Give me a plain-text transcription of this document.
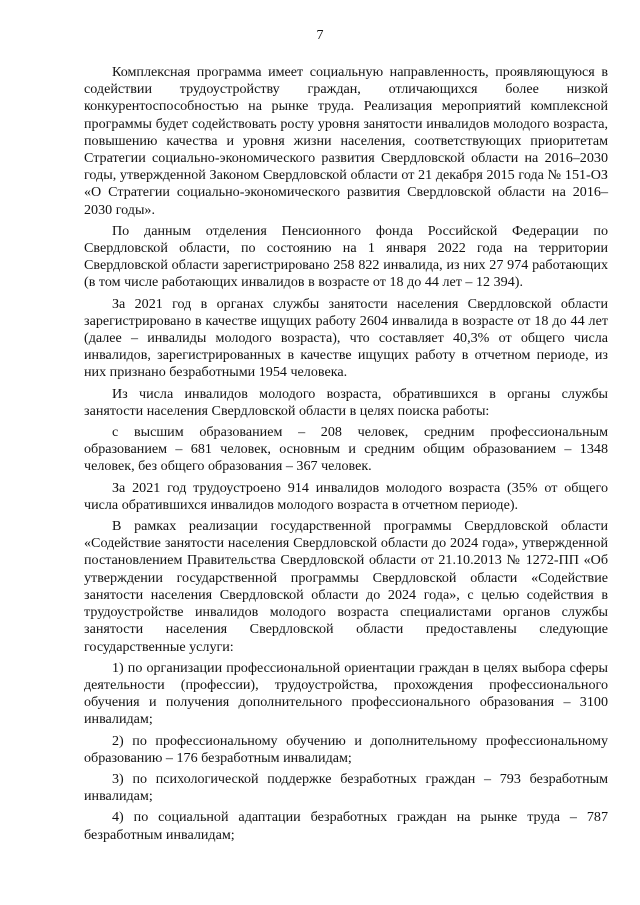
7

Комплексная программа имеет социальную направленность, проявляющуюся в содействии трудоустройству граждан, отличающихся более низкой конкурентоспособностью на рынке труда. Реализация мероприятий комплексной программы будет содействовать росту уровня занятости инвалидов молодого возраста, повышению качества и уровня жизни населения, соответствующих приоритетам Стратегии социально-экономического развития Свердловской области на 2016–2030 годы, утвержденной Законом Свердловской области от 21 декабря 2015 года № 151-ОЗ «О Стратегии социально-экономического развития Свердловской области на 2016–2030 годы».

По данным отделения Пенсионного фонда Российской Федерации по Свердловской области, по состоянию на 1 января 2022 года на территории Свердловской области зарегистрировано 258 822 инвалида, из них 27 974 работающих (в том числе работающих инвалидов в возрасте от 18 до 44 лет – 12 394).

За 2021 год в органах службы занятости населения Свердловской области зарегистрировано в качестве ищущих работу 2604 инвалида в возрасте от 18 до 44 лет (далее – инвалиды молодого возраста), что составляет 40,3% от общего числа инвалидов, зарегистрированных в качестве ищущих работу в отчетном периоде, из них признано безработными 1954 человека.

Из числа инвалидов молодого возраста, обратившихся в органы службы занятости населения Свердловской области в целях поиска работы:

с высшим образованием – 208 человек, средним профессиональным образованием – 681 человек, основным и средним общим образованием – 1348 человек, без общего образования – 367 человек.

За 2021 год трудоустроено 914 инвалидов молодого возраста (35% от общего числа обратившихся инвалидов молодого возраста в отчетном периоде).

В рамках реализации государственной программы Свердловской области «Содействие занятости населения Свердловской области до 2024 года», утвержденной постановлением Правительства Свердловской области от 21.10.2013 № 1272-ПП «Об утверждении государственной программы Свердловской области «Содействие занятости населения Свердловской области до 2024 года», с целью содействия в трудоустройстве инвалидов молодого возраста специалистами органов службы занятости населения Свердловской области предоставлены следующие государственные услуги:

1) по организации профессиональной ориентации граждан в целях выбора сферы деятельности (профессии), трудоустройства, прохождения профессионального обучения и получения дополнительного профессионального образования – 3100 инвалидам;

2) по профессиональному обучению и дополнительному профессиональному образованию – 176 безработным инвалидам;

3) по психологической поддержке безработных граждан – 793 безработным инвалидам;

4) по социальной адаптации безработных граждан на рынке труда – 787 безработным инвалидам;
